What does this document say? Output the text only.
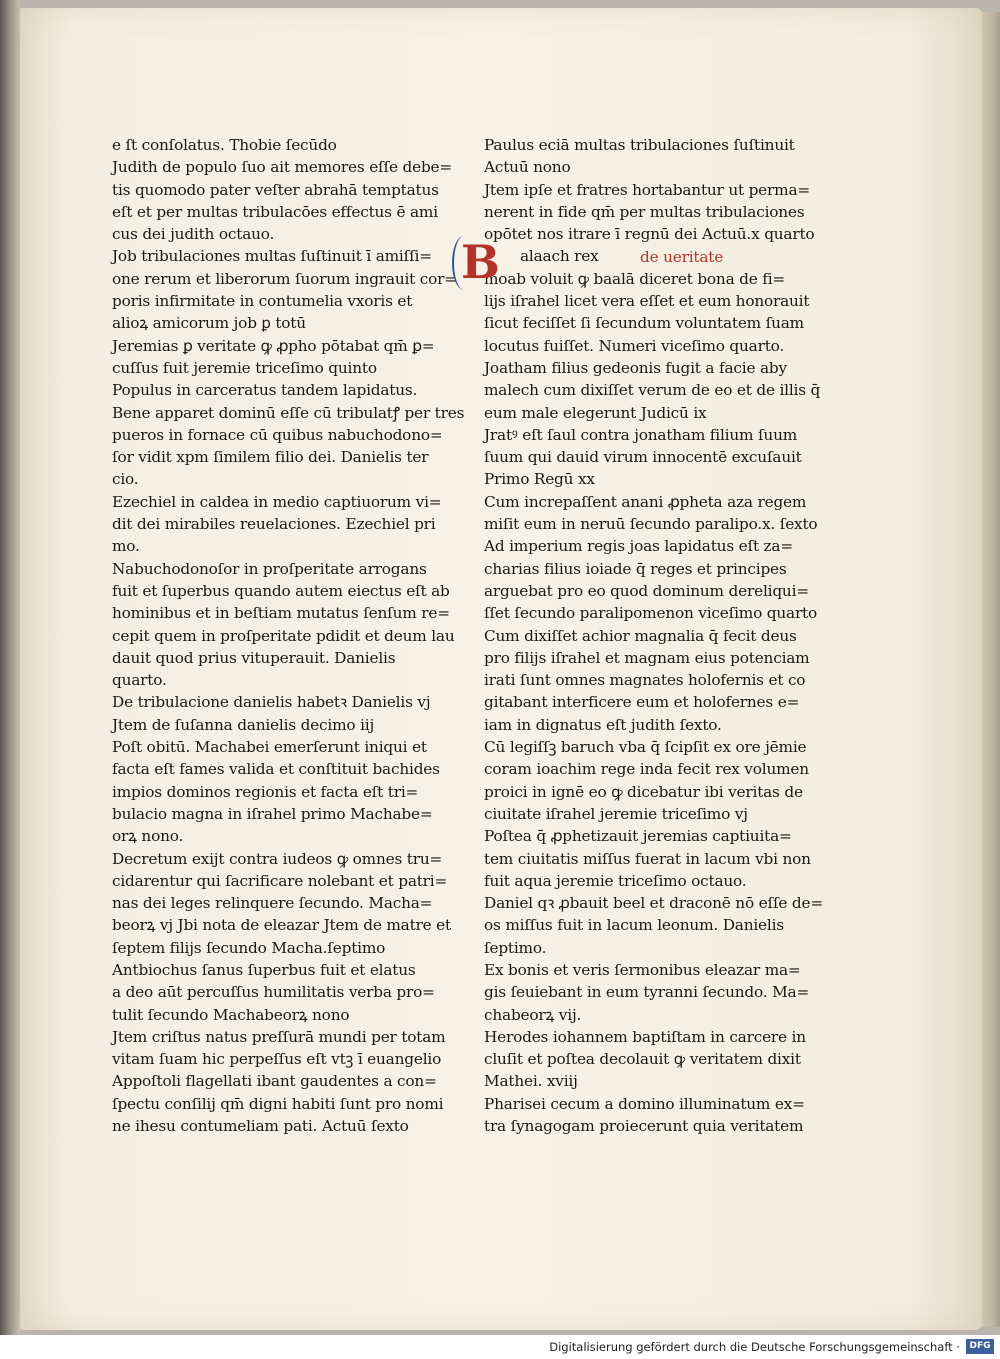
e ſt conſolatus. Thobie ſecūdo
Judith de populo ſuo ait memores eſſe debe=
tis quomodo pater veſter abrahā temptatus
eſt et per multas tribulacōes effectus ē ami
cus dei judith octauo.
Job tribulaciones multas ſuſtinuit ī amiſſi=
one rerum et liberorum ſuorum ingrauit cor=
poris infirmitate in contumelia vxoris et
alioꝝ amicorum job ꝑ totū
Jeremias ꝑ veritate ꝙ ꝓpho pōtabat qm̄ ꝑ=
cuſſus fuit jeremie triceſimo quinto
Populus in carceratus tandem lapidatus.
Bene apparet dominū eſſe cū tribulatꝭ per tres
pueros in fornace cū quibus nabuchodono=
ſor vidit xpm ſimilem filio dei. Danielis ter
cio.
Ezechiel in caldea in medio captiuorum vi=
dit dei mirabiles reuelaciones. Ezechiel pri
mo.
Nabuchodonoſor in proſperitate arrogans
fuit et ſuperbus quando autem eiectus eſt ab
hominibus et in beſtiam mutatus ſenſum re=
cepit quem in proſperitate pdidit et deum lau
dauit quod prius vituperauit. Danielis
quarto.
De tribulacione danielis habetꝛ Danielis vj
Jtem de ſuſanna danielis decimo iij
Poſt obitū. Machabei emerſerunt iniqui et
facta eſt fames valida et conſtituit bachides
impios dominos regionis et facta eſt tri=
bulacio magna in iſrahel primo Machabe=
orꝝ nono.
Decretum exijt contra iudeos ꝙ omnes tru=
cidarentur qui ſacrificare nolebant et patri=
nas dei leges relinquere ſecundo. Macha=
beorꝝ vj Jbi nota de eleazar Jtem de matre et
ſeptem filijs ſecundo Macha.ſeptimo
Antbiochus ſanus ſuperbus fuit et elatus
a deo aūt percuſſus humilitatis verba pro=
tulit ſecundo Machabeorꝝ nono
Jtem criſtus natus preſſurā mundi per totam
vitam ſuam hic perpeſſus eſt vtꝫ ī euangelio
Appoſtoli flagellati ibant gaudentes a con=
ſpectu conſilij qm̄ digni habiti ſunt pro nomi
ne ihesu contumeliam pati. Actuū ſexto
Paulus eciā multas tribulaciones ſuſtinuit
Actuū nono
Jtem ipſe et fratres hortabantur ut perma=
nerent in fide qm̄ per multas tribulaciones
opōtet nos itrare ī regnū dei Actuū.x quarto
alaach rex	de ueritate
moab voluit ꝙ baalā diceret bona de fi=
lijs iſrahel licet vera eſſet et eum honorauit
ſicut feciſſet ſi ſecundum voluntatem ſuam
locutus fuiſſet. Numeri viceſimo quarto.
Joatham filius gedeonis fugit a facie aby
malech cum dixiſſet verum de eo et de illis q̄
eum male elegerunt Judicū ix
Jratꝰ eſt ſaul contra jonatham filium ſuum
ſuum qui dauid virum innocentē excuſauit
Primo Regū xx
Cum increpaſſent anani ꝓpheta aza regem
miſit eum in neruū ſecundo paralipo.x. ſexto
Ad imperium regis joas lapidatus eſt za=
charias filius ioiade q̄ reges et principes
arguebat pro eo quod dominum dereliqui=
ſſet ſecundo paralipomenon viceſimo quarto
Cum dixiſſet achior magnalia q̄ fecit deus
pro filijs iſrahel et magnam eius potenciam
irati ſunt omnes magnates holofernis et co
gitabant interficere eum et holofernes e=
iam in dignatus eſt judith ſexto.
Cū legiſſꝫ baruch vba q̄ ſcipſit ex ore jēmie
coram ioachim rege inda fecit rex volumen
proici in ignē eo ꝙ dicebatur ibi veritas de
ciuitate iſrahel jeremie triceſimo vj
Poſtea q̄ ꝓphetizauit jeremias captiuita=
tem ciuitatis miſſus fuerat in lacum vbi non
fuit aqua jeremie triceſimo octauo.
Daniel qꝛ ꝓbauit beel et draconē nō eſſe de=
os miſſus fuit in lacum leonum. Danielis
ſeptimo.
Ex bonis et veris ſermonibus eleazar ma=
gis ſeuiebant in eum tyranni ſecundo. Ma=
chabeorꝝ vij.
Herodes iohannem baptiſtam in carcere in
cluſit et poſtea decolauit ꝙ veritatem dixit
Mathei. xviij
Pharisei cecum a domino illuminatum ex=
tra ſynagogam proiecerunt quia veritatem
B
Digitalisierung gefördert durch die Deutsche Forschungsgemeinschaft ·	DFG
